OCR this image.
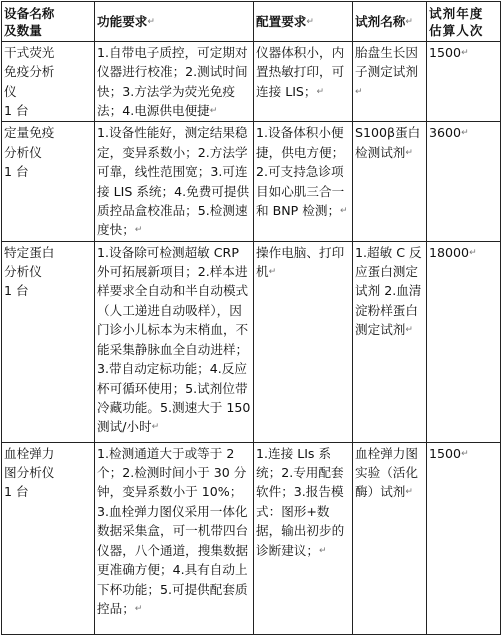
设备名称
及数量	功能要求↵	配置要求↵	试剂名称↵	试剂年度
估算人次

干式荧光
免疫分析
仪
1 台	1.自带电子质控，可定期对仪器进行校准；2.测试时间快；3.方法学为荧光免疫法；4.电源供电便捷↵	仪器体积小，内置热敏打印，可连接 LIS；↵	胎盘生长因子测定试剂↵	1500↵

定量免疫
分析仪
1 台	1.设备性能好，测定结果稳定，变异系数小；2.方法学可靠，线性范围宽；3.可连接 LIS 系统；4.免费可提供质控品盒校准品；5.检测速度快；↵	1.设备体积小便捷，供电方便；2.可支持急诊项目如心肌三合一和 BNP 检测；↵	S100β蛋白检测试剂↵	3600↵

特定蛋白
分析仪
1 台	1.设备除可检测超敏 CRP 外可拓展新项目；2.样本进样要求全自动和半自动模式（人工递进自动吸样），因门诊小儿标本为末梢血，不能采集静脉血全自动进样；3.带自动定标功能；4.反应杯可循环使用；5.试剂位带冷藏功能。5.测速大于 150 测试/小时↵	操作电脑、打印机↵	1.超敏 C 反应蛋白测定试剂 2.血清淀粉样蛋白测定试剂↵	18000↵

血栓弹力
图分析仪
1 台	1.检测通道大于或等于 2 个；2.检测时间小于 30 分钟，变异系数小于 10%；3.血栓弹力图仪采用一体化数据采集盒，可一机带四台仪器，八个通道，搜集数据更准确方便；4.具有自动上下杯功能；5.可提供配套质控品；↵	1.连接 LIs 系统；2.专用配套软件；3.报告模式：图形+数据，输出初步的诊断建议；↵	血栓弹力图实验（活化酶）试剂↵	1500↵
